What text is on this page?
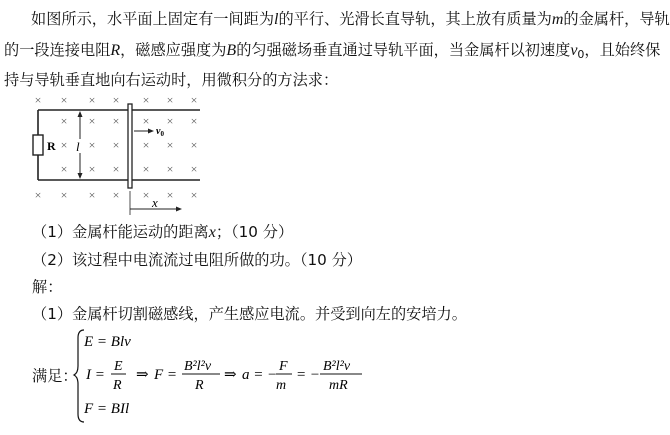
如图所示，水平面上固定有一间距为l的平行、光滑长直导轨，其上放有质量为m的金属杆，导轨
的一段连接电阻R，磁感应强度为B的匀强磁场垂直通过导轨平面，当金属杆以初速度$v_0$，且始终保
持与导轨垂直地向右运动时，用微积分的方法求：
× × × × × × ×
× × × × × ×
× × × × × ×
× × × × × ×
× × × × × × ×
R l
$v_0$
x
（1）金属杆能运动的距离x；（10 分）
（2）该过程中电流流过电阻所做的功。（10 分）
解：
（1）金属杆切割磁感线，产生感应电流。并受到向左的安培力。
满足：
E = Blv
I =
E
R
⇒ F =
B²l²v
R
⇒ a = −
F
m
= −
B²l²v
mR
F = BIl
